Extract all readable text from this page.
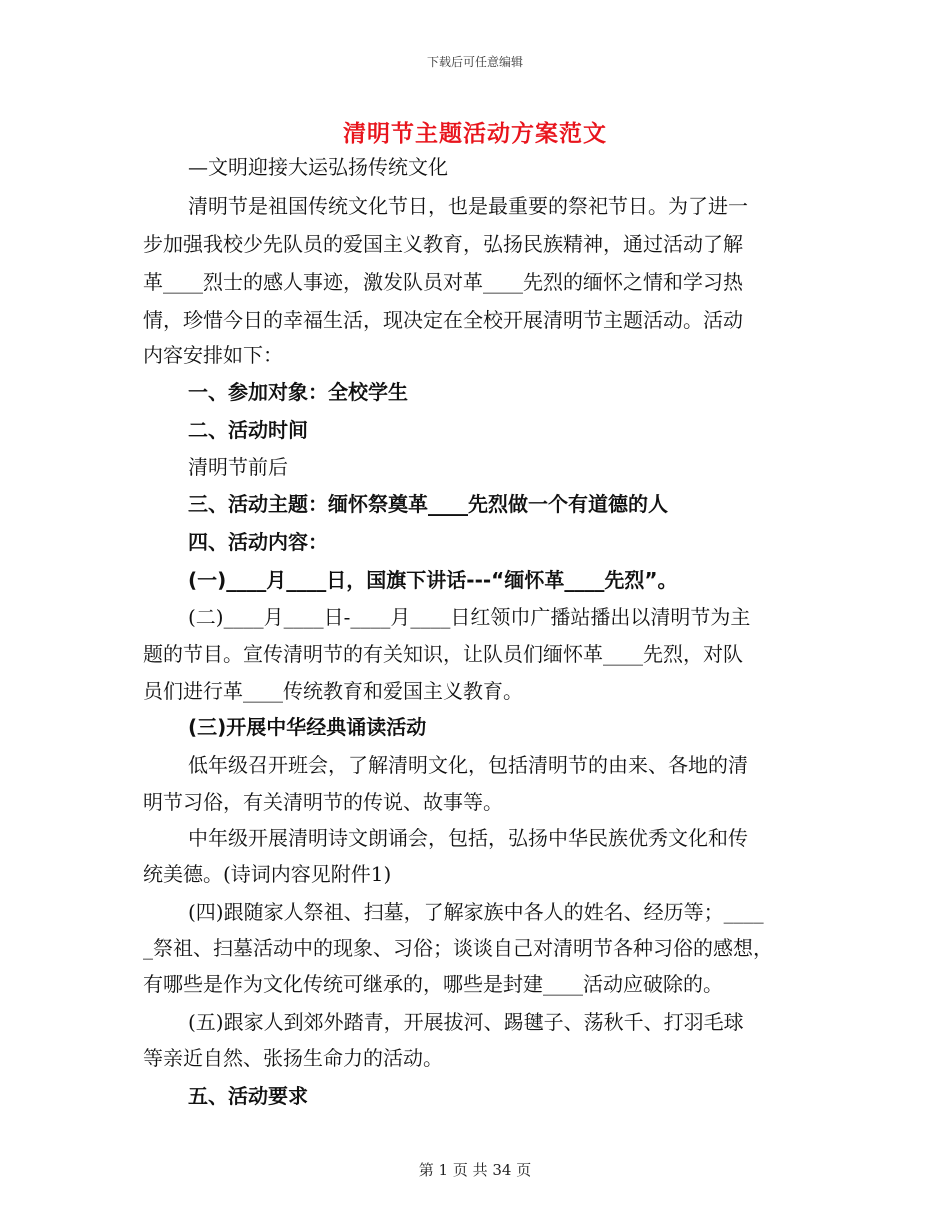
下载后可任意编辑
清明节主题活动方案范文
—文明迎接大运弘扬传统文化
清明节是祖国传统文化节日，也是最重要的祭祀节日。为了进一
步加强我校少先队员的爱国主义教育，弘扬民族精神，通过活动了解
革____烈士的感人事迹，激发队员对革____先烈的缅怀之情和学习热
情，珍惜今日的幸福生活，现决定在全校开展清明节主题活动。活动
内容安排如下：
一、参加对象：全校学生
二、活动时间
清明节前后
三、活动主题：缅怀祭奠革____先烈做一个有道德的人
四、活动内容：
(一)____月____日，国旗下讲话---“缅怀革____先烈”。
(二)____月____日-____月____日红领巾广播站播出以清明节为主
题的节目。宣传清明节的有关知识，让队员们缅怀革____先烈，对队
员们进行革____传统教育和爱国主义教育。
(三)开展中华经典诵读活动
低年级召开班会，了解清明文化，包括清明节的由来、各地的清
明节习俗，有关清明节的传说、故事等。
中年级开展清明诗文朗诵会，包括，弘扬中华民族优秀文化和传
统美德。(诗词内容见附件1)
(四)跟随家人祭祖、扫墓，了解家族中各人的姓名、经历等；____
_祭祖、扫墓活动中的现象、习俗；谈谈自己对清明节各种习俗的感想，
有哪些是作为文化传统可继承的，哪些是封建____活动应破除的。
(五)跟家人到郊外踏青，开展拔河、踢毽子、荡秋千、打羽毛球
等亲近自然、张扬生命力的活动。
五、活动要求
第 1 页 共 34 页
